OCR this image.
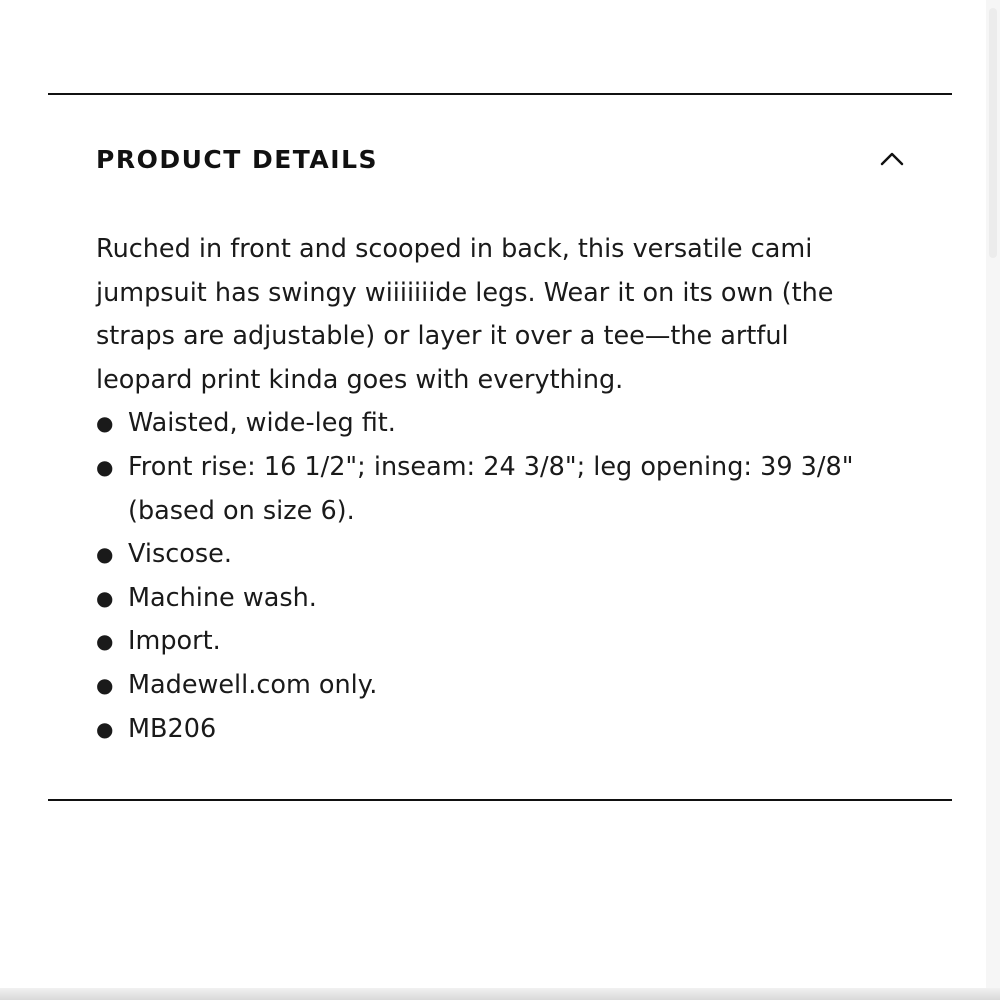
PRODUCT DETAILS

Ruched in front and scooped in back, this versatile cami jumpsuit has swingy wiiiiiiide legs. Wear it on its own (the straps are adjustable) or layer it over a tee—the artful leopard print kinda goes with everything.

● Waisted, wide-leg fit.
● Front rise: 16 1/2"; inseam: 24 3/8"; leg opening: 39 3/8" (based on size 6).
● Viscose.
● Machine wash.
● Import.
● Madewell.com only.
● MB206
